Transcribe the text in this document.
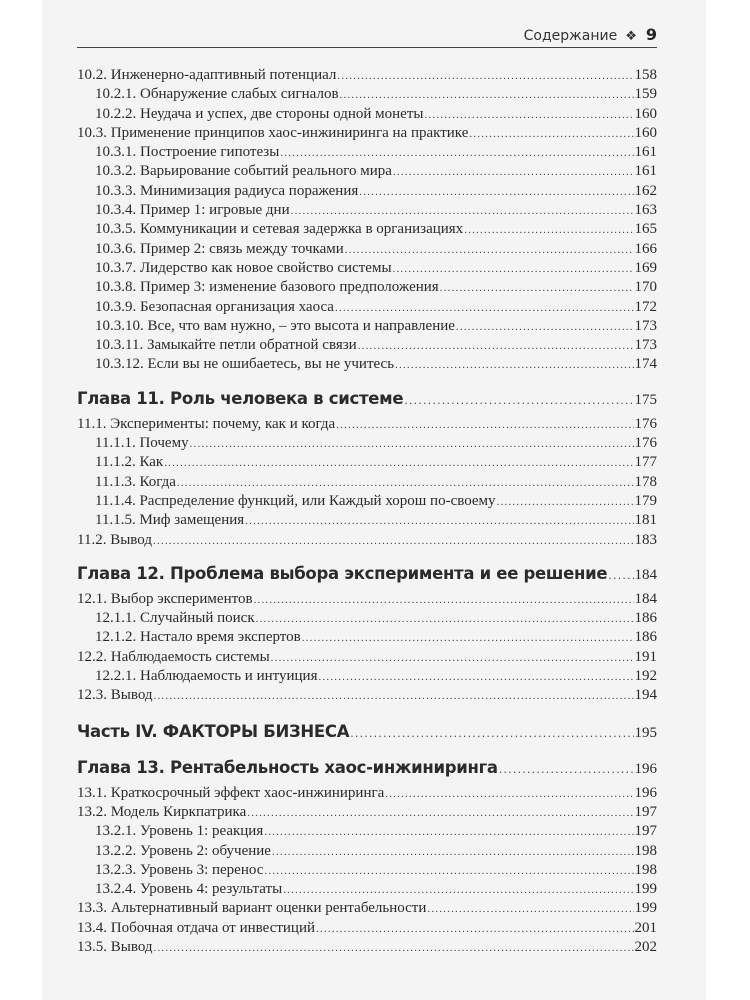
Содержание ❖ 9
10.2. Инженерно-адаптивный потенциал .....	158
10.2.1. Обнаружение слабых сигналов .....	159
10.2.2. Неудача и успех, две стороны одной монеты .....	160
10.3. Применение принципов хаос-инжиниринга на практике .....	160
10.3.1. Построение гипотезы .....	161
10.3.2. Варьирование событий реального мира .....	161
10.3.3. Минимизация радиуса поражения .....	162
10.3.4. Пример 1: игровые дни .....	163
10.3.5. Коммуникации и сетевая задержка в организациях .....	165
10.3.6. Пример 2: связь между точками .....	166
10.3.7. Лидерство как новое свойство системы .....	169
10.3.8. Пример 3: изменение базового предположения .....	170
10.3.9. Безопасная организация хаоса .....	172
10.3.10. Все, что вам нужно, – это высота и направление .....	173
10.3.11. Замыкайте петли обратной связи .....	173
10.3.12. Если вы не ошибаетесь, вы не учитесь .....	174
Глава 11. Роль человека в системе .....	175
11.1. Эксперименты: почему, как и когда .....	176
11.1.1. Почему .....	176
11.1.2. Как .....	177
11.1.3. Когда .....	178
11.1.4. Распределение функций, или Каждый хорош по-своему .....	179
11.1.5. Миф замещения .....	181
11.2. Вывод .....	183
Глава 12. Проблема выбора эксперимента и ее решение ..... 184
12.1. Выбор экспериментов .....	184
12.1.1. Случайный поиск .....	186
12.1.2. Настало время экспертов .....	186
12.2. Наблюдаемость системы .....	191
12.2.1. Наблюдаемость и интуиция .....	192
12.3. Вывод .....	194
Часть IV. ФАКТОРЫ БИЗНЕСА .....	195
Глава 13. Рентабельность хаос-инжиниринга .....	196
13.1. Краткосрочный эффект хаос-инжиниринга .....	196
13.2. Модель Киркпатрика .....	197
13.2.1. Уровень 1: реакция .....	197
13.2.2. Уровень 2: обучение .....	198
13.2.3. Уровень 3: перенос .....	198
13.2.4. Уровень 4: результаты .....	199
13.3. Альтернативный вариант оценки рентабельности .....	199
13.4. Побочная отдача от инвестиций .....	201
13.5. Вывод .....	202
